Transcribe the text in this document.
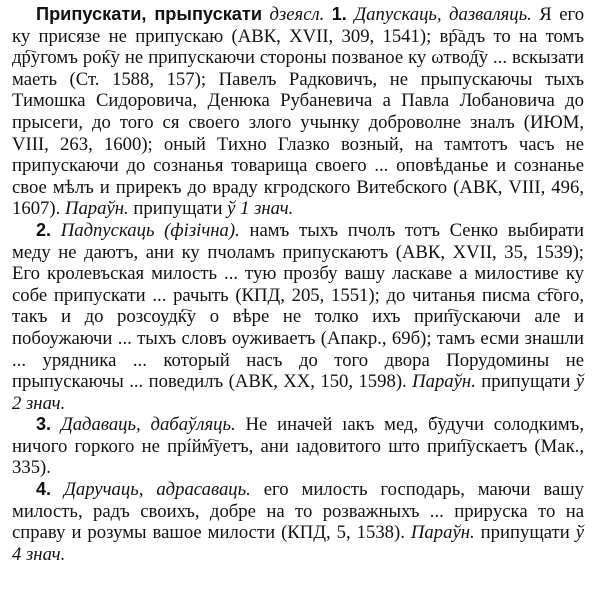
Припускати, прыпускати дзеясл. 1. Дапускаць, дазваляць. Я его ку присязе не припускаю (АВК, XVII, 309, 1541); вр҇адъ то на томъ др҇угомъ рок҇у не припускаючи стороны позваное ку ωтвод҇у ... вскызати маеть (Ст. 1588, 157); Павелъ Радковичъ, не прыпускаючы тыхъ Тимошка Сидоровича, Денюка Рубаневича а Павла Лобановича до прысеги, до того ся своего злого учынку доброволне зналъ (ИЮМ, VIII, 263, 1600); оный Тихно Глазко возный, на тамтотъ часъ не припускаючи до сознанья товарища своего ... оповѣданье и сознанье свое мѣлъ и прирекъ до враду кгродского Витебского (АВК, VIII, 496, 1607). Параўн. припущати ў 1 знач.

2. Падпускаць (фізічна). намъ тыхъ пчолъ тотъ Сенко выбирати меду не даютъ, ани ку пчоламъ припускаютъ (АВК, XVII, 35, 1539); Его кролевъская милость ... тую прозбу вашу ласкаве а милостиве ку собе припускати ... рачыть (КПД, 205, 1551); до читанья писма ст҇ого, такъ и до розсоудк҇у о вѣре не толко ихъ прип҇ускаючи але и побоужаючи ... тыхъ словъ оуживаетъ (Апакр., 69б); тамъ есми знашли ... урядника ... который насъ до того двора Порудомины не прыпускаючы ... поведилъ (АВК, XX, 150, 1598). Параўн. припущати ў 2 знач.

3. Дадаваць, дабаўляць. Не иначей ıакъ мед, б҇удучи солодкимъ, ничого горкого не прíйм҇уетъ, ани ıадовитого што прип҇ускаетъ (Мак., 335).

4. Даручаць, адрасаваць. его милость господарь, маючи вашу милость, радъ своихъ, добре на то розважныхъ ... приpуска то на справу и розумы вашое милости (КПД, 5, 1538). Параўн. припущати ў 4 знач.
